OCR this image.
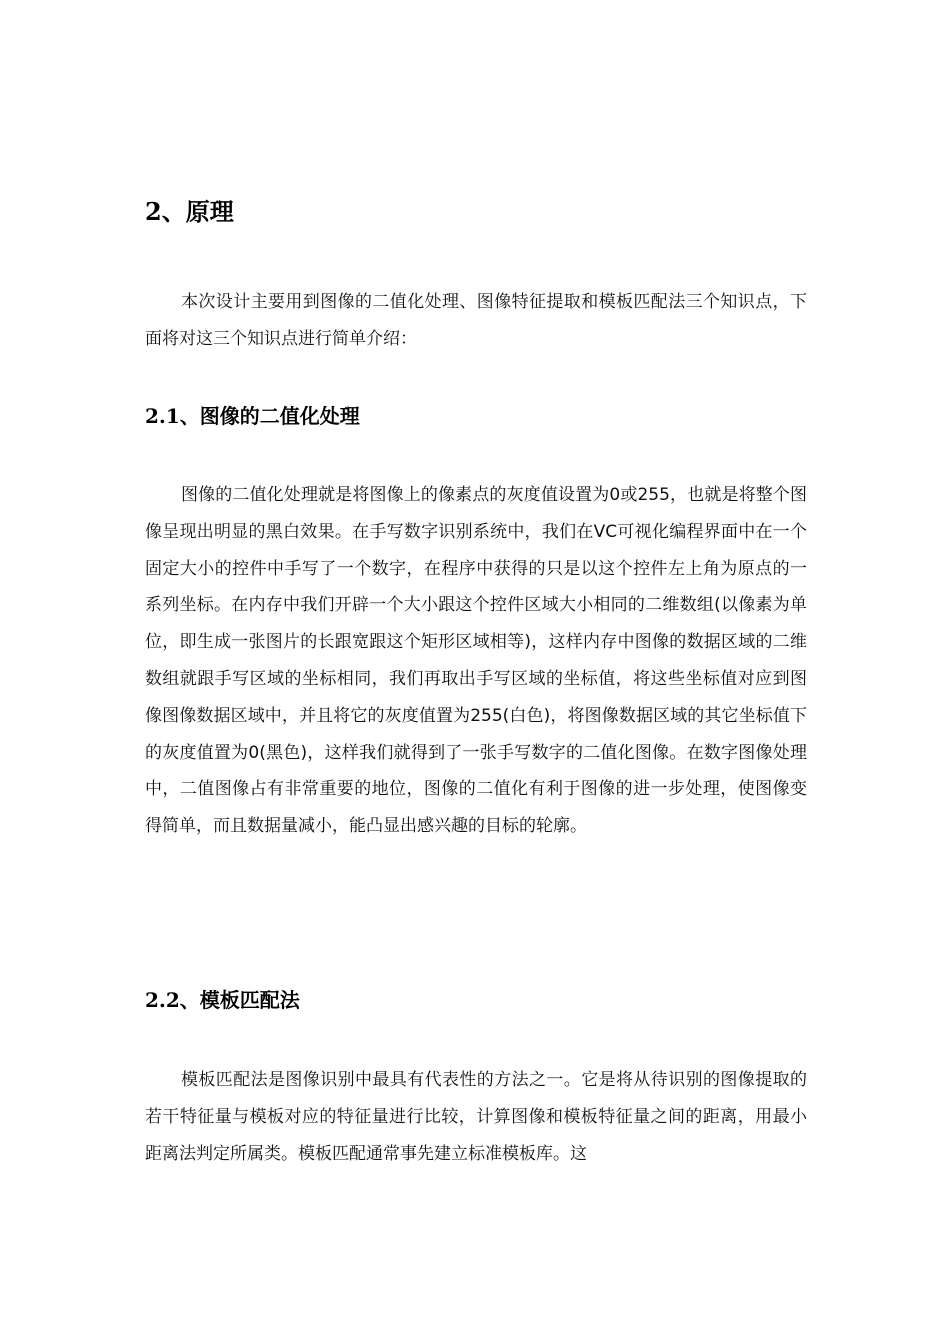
2、原理

本次设计主要用到图像的二值化处理、图像特征提取和模板匹配法三个知识点，下面将对这三个知识点进行简单介绍：

2.1、图像的二值化处理

图像的二值化处理就是将图像上的像素点的灰度值设置为0或255，也就是将整个图像呈现出明显的黑白效果。在手写数字识别系统中，我们在VC可视化编程界面中在一个固定大小的控件中手写了一个数字，在程序中获得的只是以这个控件左上角为原点的一系列坐标。在内存中我们开辟一个大小跟这个控件区域大小相同的二维数组(以像素为单位，即生成一张图片的长跟宽跟这个矩形区域相等)，这样内存中图像的数据区域的二维数组就跟手写区域的坐标相同，我们再取出手写区域的坐标值，将这些坐标值对应到图像图像数据区域中，并且将它的灰度值置为255(白色)，将图像数据区域的其它坐标值下的灰度值置为0(黑色)，这样我们就得到了一张手写数字的二值化图像。在数字图像处理中，二值图像占有非常重要的地位，图像的二值化有利于图像的进一步处理，使图像变得简单，而且数据量减小，能凸显出感兴趣的目标的轮廓。

2.2、模板匹配法

模板匹配法是图像识别中最具有代表性的方法之一。它是将从待识别的图像提取的若干特征量与模板对应的特征量进行比较，计算图像和模板特征量之间的距离，用最小距离法判定所属类。模板匹配通常事先建立标准模板库。这
